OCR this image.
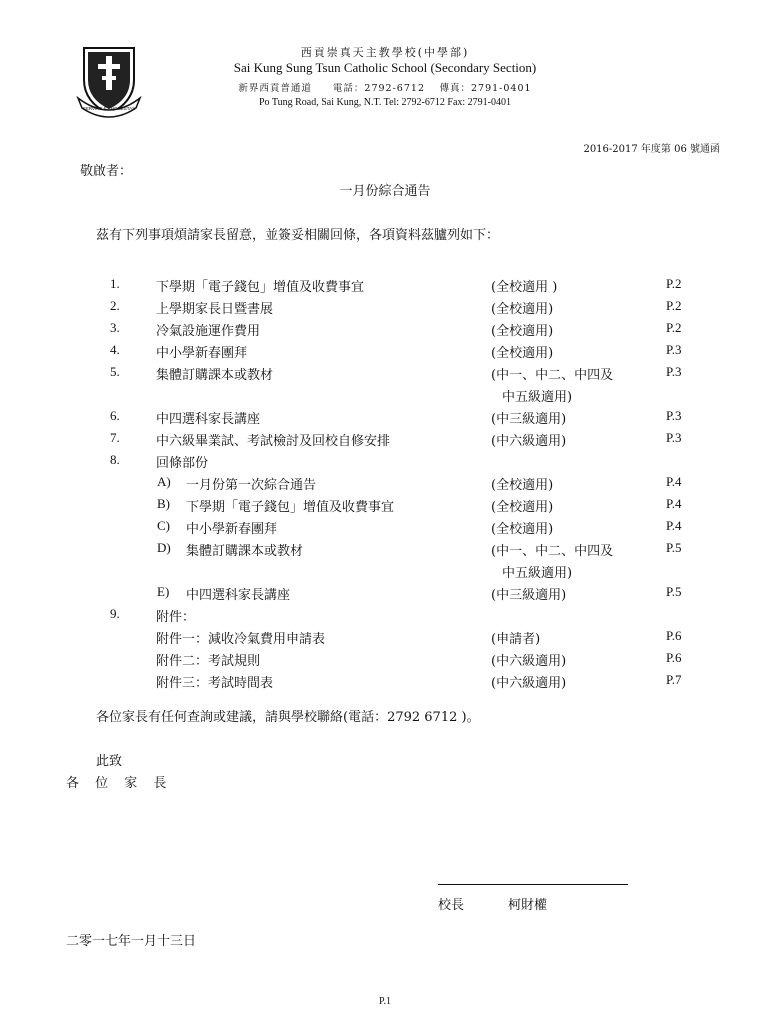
SERVIRE ET HONESTAS
西貢崇真天主教學校(中學部)
Sai Kung Sung Tsun Catholic School (Secondary Section)
新界西貢普通道　　電話：2792-6712　 傳真：2791-0401
Po Tung Road, Sai Kung, N.T. Tel: 2792-6712 Fax: 2791-0401
2016-2017 年度第 06 號通函
敬啟者：
一月份綜合通告
茲有下列事項煩請家長留意，並簽妥相關回條，各項資料茲臚列如下：
1.	下學期「電子錢包」增值及收費事宜	(全校適用 )	P.2
2.	上學期家長日暨書展	(全校適用)	P.2
3.	冷氣設施運作費用	(全校適用)	P.2
4.	中小學新春團拜	(全校適用)	P.3
5.	集體訂購課本或教材	(中一、中二、中四及	P.3
中五級適用)
6.	中四選科家長講座	(中三級適用)	P.3
7.	中六級畢業試、考試檢討及回校自修安排	(中六級適用)	P.3
8.	回條部份
A) 一月份第一次綜合通告	(全校適用)	P.4
B) 下學期「電子錢包」增值及收費事宜	(全校適用)	P.4
C) 中小學新春團拜	(全校適用)	P.4
D) 集體訂購課本或教材	(中一、中二、中四及	P.5
中五級適用)
E) 中四選科家長講座	(中三級適用)	P.5
9.	附件：
附件一：減收冷氣費用申請表	(申請者)	P.6
附件二：考試規則	(中六級適用)	P.6
附件三：考試時間表	(中六級適用)	P.7
各位家長有任何查詢或建議，請與學校聯絡(電話：2792 6712 )。
此致
各 位 家 長
校長	柯財權
二零一七年一月十三日
P.1
